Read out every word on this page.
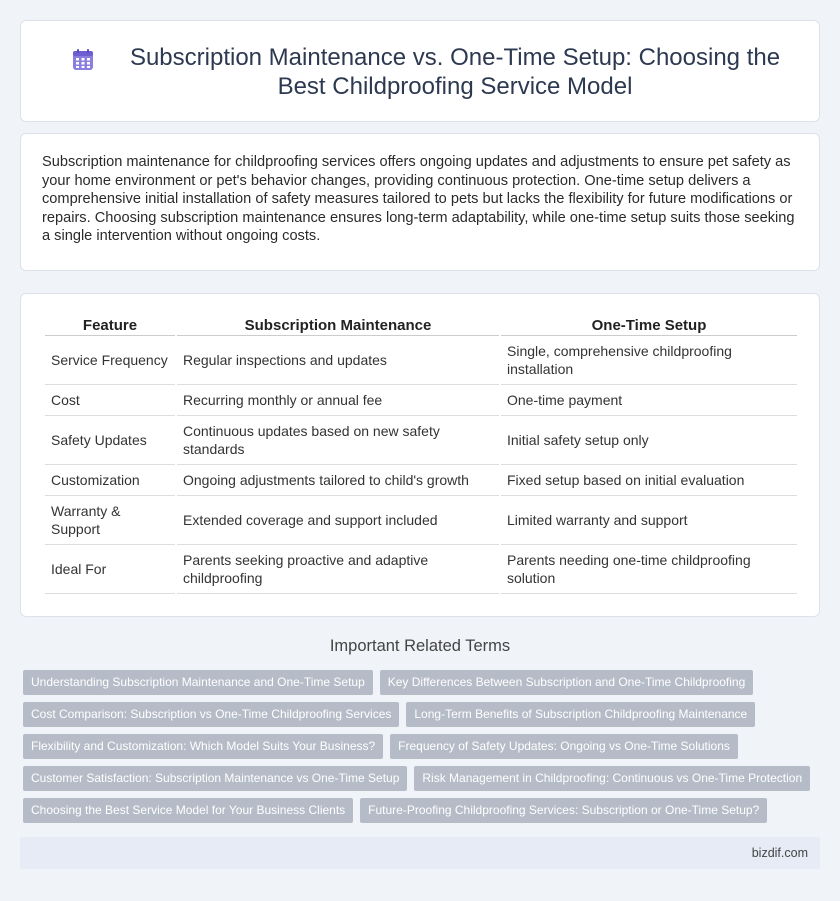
Subscription Maintenance vs. One-Time Setup: Choosing the Best Childproofing Service Model

Subscription maintenance for childproofing services offers ongoing updates and adjustments to ensure pet safety as your home environment or pet's behavior changes, providing continuous protection. One-time setup delivers a comprehensive initial installation of safety measures tailored to pets but lacks the flexibility for future modifications or repairs. Choosing subscription maintenance ensures long-term adaptability, while one-time setup suits those seeking a single intervention without ongoing costs.

Feature	Subscription Maintenance	One-Time Setup
Service Frequency	Regular inspections and updates	Single, comprehensive childproofing installation
Cost	Recurring monthly or annual fee	One-time payment
Safety Updates	Continuous updates based on new safety standards	Initial safety setup only
Customization	Ongoing adjustments tailored to child's growth	Fixed setup based on initial evaluation
Warranty & Support	Extended coverage and support included	Limited warranty and support
Ideal For	Parents seeking proactive and adaptive childproofing	Parents needing one-time childproofing solution
Important Related Terms
Understanding Subscription Maintenance and One-Time Setup	Key Differences Between Subscription and One-Time Childproofing
Cost Comparison: Subscription vs One-Time Childproofing Services	Long-Term Benefits of Subscription Childproofing Maintenance
Flexibility and Customization: Which Model Suits Your Business?	Frequency of Safety Updates: Ongoing vs One-Time Solutions
Customer Satisfaction: Subscription Maintenance vs One-Time Setup	Risk Management in Childproofing: Continuous vs One-Time Protection
Choosing the Best Service Model for Your Business Clients	Future-Proofing Childproofing Services: Subscription or One-Time Setup?
bizdif.com
